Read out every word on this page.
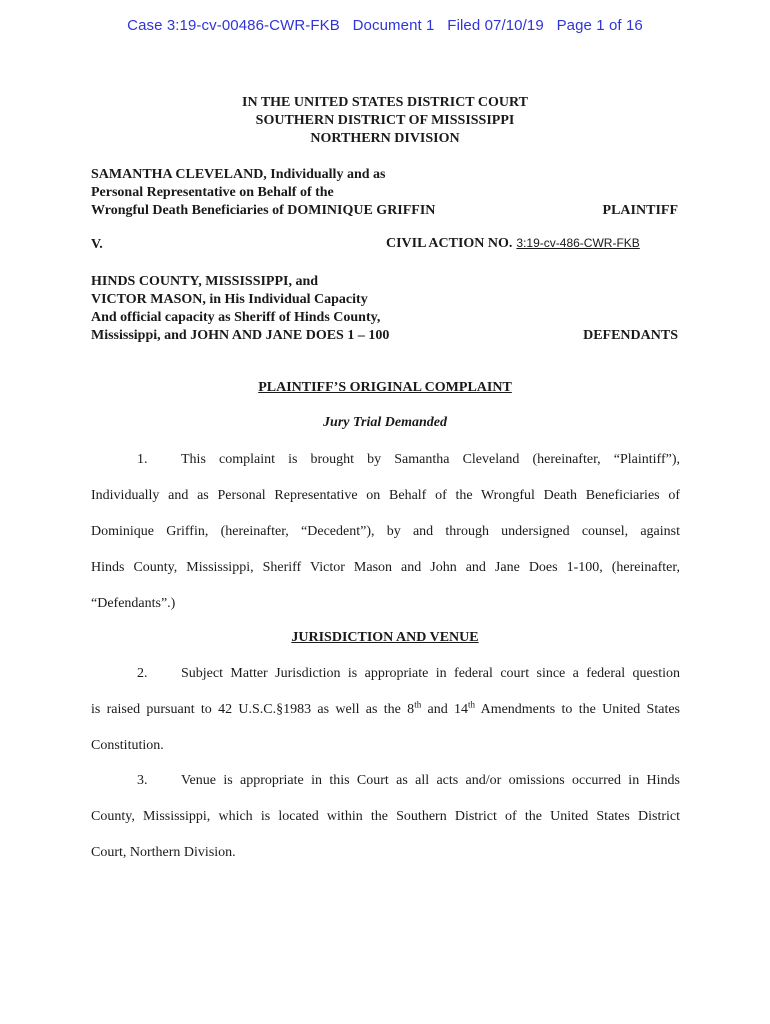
Case 3:19-cv-00486-CWR-FKB   Document 1   Filed 07/10/19   Page 1 of 16
IN THE UNITED STATES DISTRICT COURT
SOUTHERN DISTRICT OF MISSISSIPPI
NORTHERN DIVISION
SAMANTHA CLEVELAND, Individually and as
Personal Representative on Behalf of the
Wrongful Death Beneficiaries of DOMINIQUE GRIFFIN	PLAINTIFF
V.	CIVIL ACTION NO. 3:19-cv-486-CWR-FKB
HINDS COUNTY, MISSISSIPPI, and
VICTOR MASON, in His Individual Capacity
And official capacity as Sheriff of Hinds County,
Mississippi, and JOHN AND JANE DOES 1 – 100	DEFENDANTS
PLAINTIFF’S ORIGINAL COMPLAINT
Jury Trial Demanded
1. This complaint is brought by Samantha Cleveland (hereinafter, “Plaintiff”),
Individually and as Personal Representative on Behalf of the Wrongful Death Beneficiaries of
Dominique Griffin, (hereinafter, “Decedent”), by and through undersigned counsel, against
Hinds County, Mississippi, Sheriff Victor Mason and John and Jane Does 1-100, (hereinafter,
“Defendants”.)
JURISDICTION AND VENUE
2. Subject Matter Jurisdiction is appropriate in federal court since a federal question
is raised pursuant to 42 U.S.C.§1983 as well as the 8th and 14th Amendments to the United States
Constitution.
3. Venue is appropriate in this Court as all acts and/or omissions occurred in Hinds
County, Mississippi, which is located within the Southern District of the United States District
Court, Northern Division.
